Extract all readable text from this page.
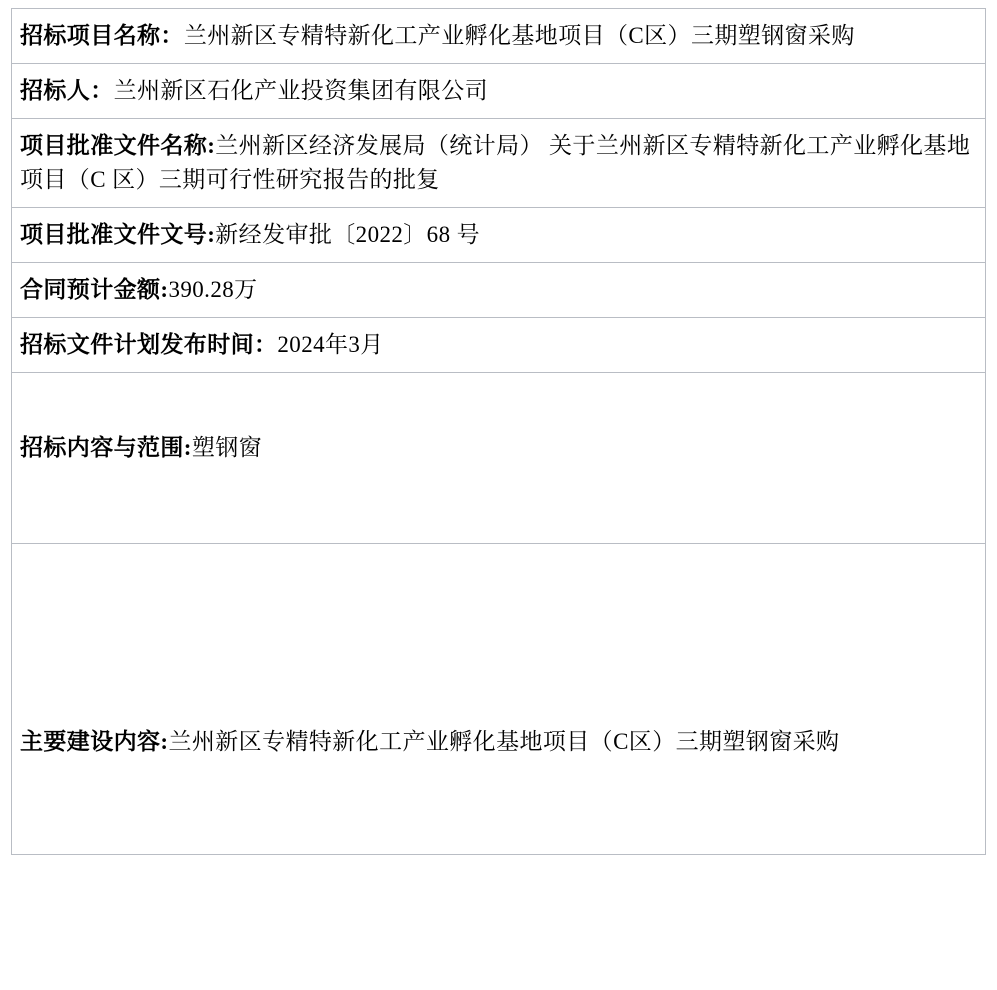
招标项目名称：兰州新区专精特新化工产业孵化基地项目（C区）三期塑钢窗采购

招标人：兰州新区石化产业投资集团有限公司

项目批准文件名称:兰州新区经济发展局（统计局） 关于兰州新区专精特新化工产业孵化基地项目（C 区）三期可行性研究报告的批复

项目批准文件文号:新经发审批〔2022〕68 号

合同预计金额:390.28万

招标文件计划发布时间：2024年3月

招标内容与范围:塑钢窗

主要建设内容:兰州新区专精特新化工产业孵化基地项目（C区）三期塑钢窗采购
